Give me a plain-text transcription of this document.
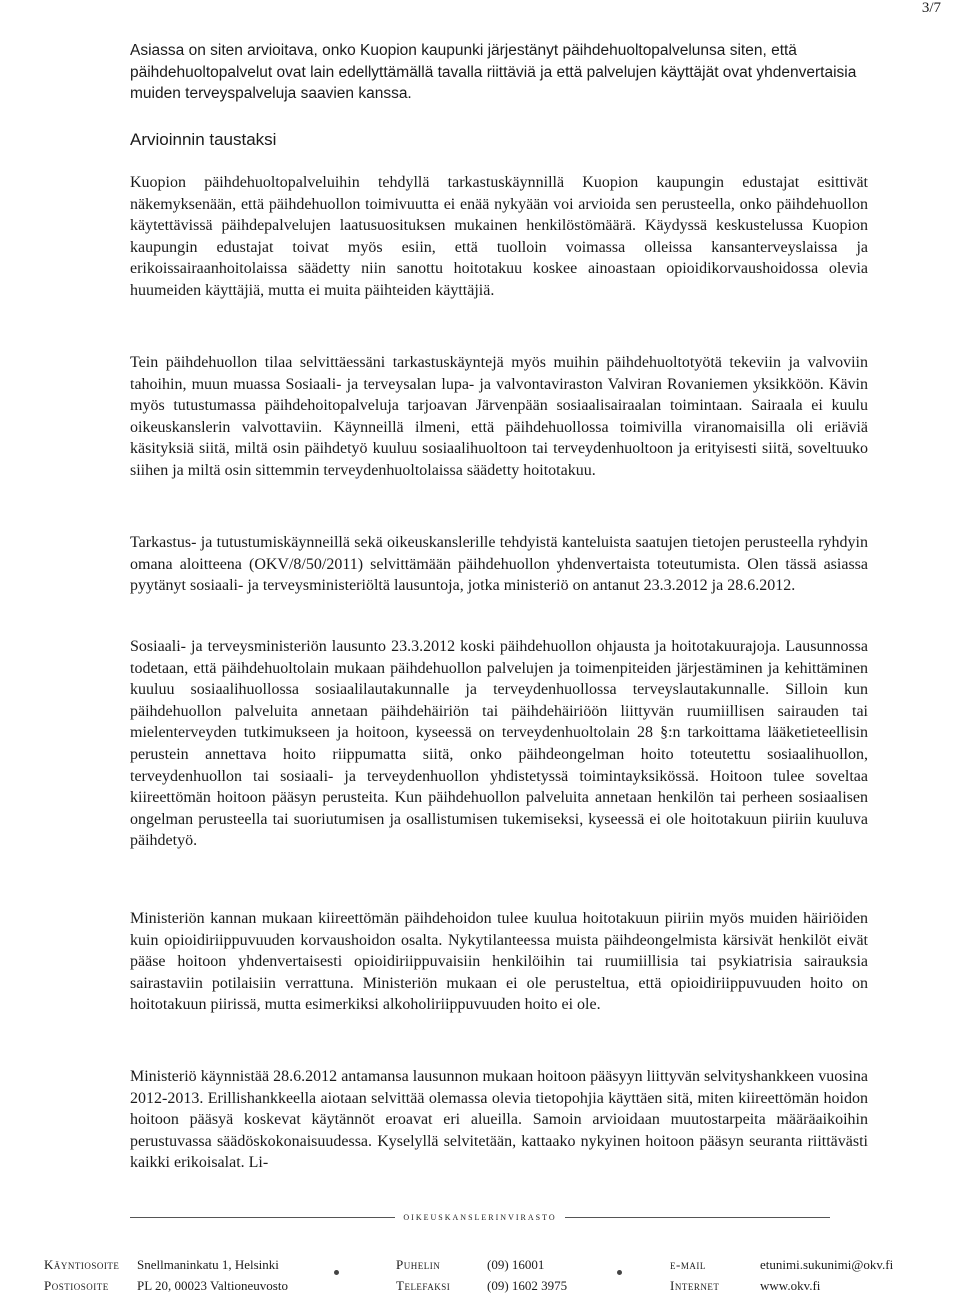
3/7

Asiassa on siten arvioitava, onko Kuopion kaupunki järjestänyt päihdehuoltopalvelunsa siten, että päihdehuoltopalvelut ovat lain edellyttämällä tavalla riittäviä ja että palvelujen käyttäjät ovat yhdenvertaisia muiden terveyspalveluja saavien kanssa.

Arvioinnin taustaksi

Kuopion päihdehuoltopalveluihin tehdyllä tarkastuskäynnillä Kuopion kaupungin edustajat esittivät näkemyksenään, että päihdehuollon toimivuutta ei enää nykyään voi arvioida sen perusteella, onko päihdehuollon käytettävissä päihdepalvelujen laatusuosituksen mukainen henkilöstömäärä. Käydyssä keskustelussa Kuopion kaupungin edustajat toivat myös esiin, että tuolloin voimassa olleissa kansanterveyslaissa ja erikoissairaanhoitolaissa säädetty niin sanottu hoitotakuu koskee ainoastaan opioidikorvaushoidossa olevia huumeiden käyttäjiä, mutta ei muita päihteiden käyttäjiä.

Tein päihdehuollon tilaa selvittäessäni tarkastuskäyntejä myös muihin päihdehuoltotyötä tekeviin ja valvoviin tahoihin, muun muassa Sosiaali- ja terveysalan lupa- ja valvontaviraston Valviran Rovaniemen yksikköön. Kävin myös tutustumassa päihdehoitopalveluja tarjoavan Järvenpään sosiaalisairaalan toimintaan. Sairaala ei kuulu oikeuskanslerin valvottaviin. Käynneillä ilmeni, että päihdehuollossa toimivilla viranomaisilla oli eriäviä käsityksiä siitä, miltä osin päihdetyö kuuluu sosiaalihuoltoon tai terveydenhuoltoon ja erityisesti siitä, soveltuuko siihen ja miltä osin sittemmin terveydenhuoltolaissa säädetty hoitotakuu.

Tarkastus- ja tutustumiskäynneillä sekä oikeuskanslerille tehdyistä kanteluista saatujen tietojen perusteella ryhdyin omana aloitteena (OKV/8/50/2011) selvittämään päihdehuollon yhdenvertaista toteutumista. Olen tässä asiassa pyytänyt sosiaali- ja terveysministeriöltä lausuntoja, jotka ministeriö on antanut 23.3.2012 ja 28.6.2012.

Sosiaali- ja terveysministeriön lausunto 23.3.2012 koski päihdehuollon ohjausta ja hoitotakuurajoja. Lausunnossa todetaan, että päihdehuoltolain mukaan päihdehuollon palvelujen ja toimenpiteiden järjestäminen ja kehittäminen kuuluu sosiaalihuollossa sosiaalilautakunnalle ja terveydenhuollossa terveyslautakunnalle. Silloin kun päihdehuollon palveluita annetaan päihdehäiriön tai päihdehäiriöön liittyvän ruumiillisen sairauden tai mielenterveyden tutkimukseen ja hoitoon, kyseessä on terveydenhuoltolain 28 §:n tarkoittama lääketieteellisin perustein annettava hoito riippumatta siitä, onko päihdeongelman hoito toteutettu sosiaalihuollon, terveydenhuollon tai sosiaali- ja terveydenhuollon yhdistetyssä toimintayksikössä. Hoitoon tulee soveltaa kiireettömän hoitoon pääsyn perusteita. Kun päihdehuollon palveluita annetaan henkilön tai perheen sosiaalisen ongelman perusteella tai suoriutumisen ja osallistumisen tukemiseksi, kyseessä ei ole hoitotakuun piiriin kuuluva päihdetyö.

Ministeriön kannan mukaan kiireettömän päihdehoidon tulee kuulua hoitotakuun piiriin myös muiden häiriöiden kuin opioidiriippuvuuden korvaushoidon osalta. Nykytilanteessa muista päihdeongelmista kärsivät henkilöt eivät pääse hoitoon yhdenvertaisesti opioidiriippuvaisiin henkilöihin tai ruumiillisia tai psykiatrisia sairauksia sairastaviin potilaisiin verrattuna. Ministeriön mukaan ei ole perusteltua, että opioidiriippuvuuden hoito on hoitotakuun piirissä, mutta esimerkiksi alkoholiriippuvuuden hoito ei ole.

Ministeriö käynnistää 28.6.2012 antamansa lausunnon mukaan hoitoon pääsyyn liittyvän selvityshankkeen vuosina 2012-2013. Erillishankkeella aiotaan selvittää olemassa olevia tietopohjia käyttäen sitä, miten kiireettömän hoidon hoitoon pääsyä koskevat käytännöt eroavat eri alueilla. Samoin arvioidaan muutostarpeita määräaikoihin perustuvassa säädöskokonaisuudessa. Kyselyllä selvitetään, kattaako nykyinen hoitoon pääsyn seuranta riittävästi kaikki erikoisalat. Li-

oikeuskanslerinvirasto
Käyntiosoite
Postiosoite
Snellmaninkatu 1, Helsinki
PL 20, 00023 Valtioneuvosto
Puhelin
Telefaksi
(09) 16001
(09) 1602 3975
e-mail
Internet
etunimi.sukunimi@okv.fi
www.okv.fi
